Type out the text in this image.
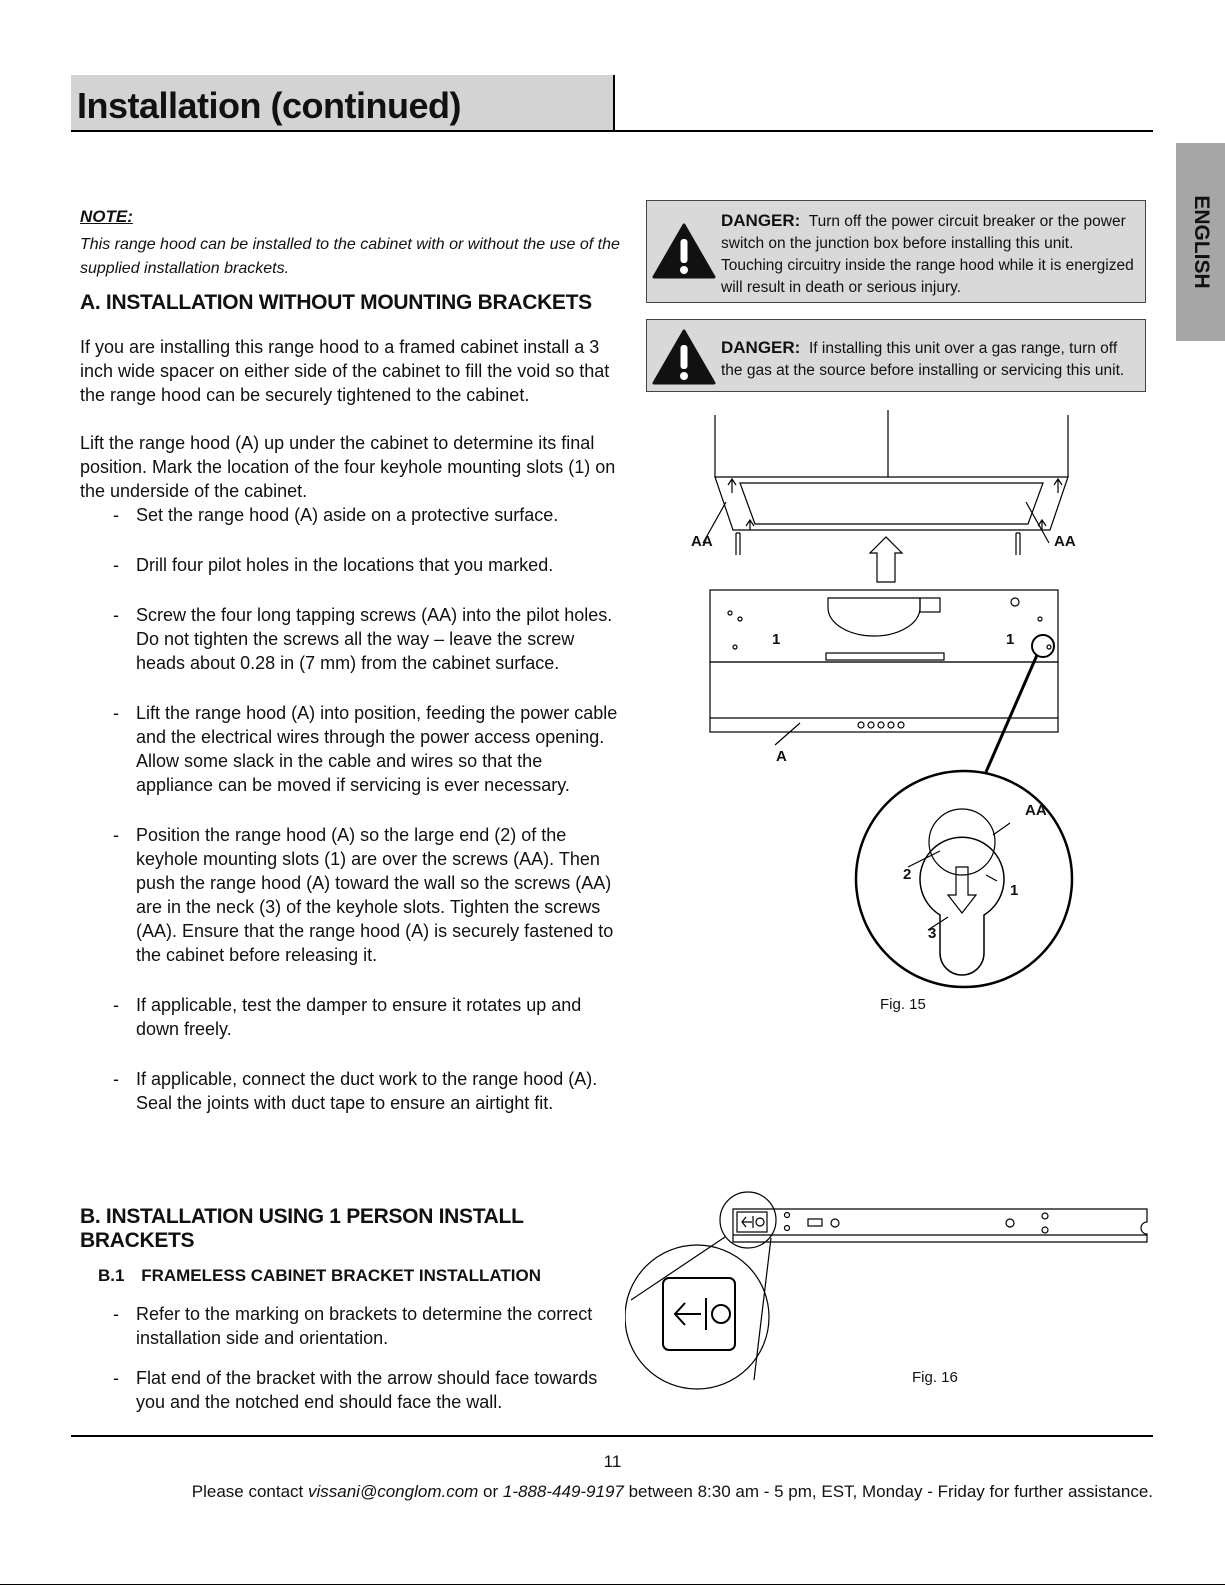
Installation (continued)
ENGLISH

NOTE:

This range hood can be installed to the cabinet with or without the use of the supplied installation brackets.

A. INSTALLATION WITHOUT MOUNTING BRACKETS

If you are installing this range hood to a framed cabinet install a 3 inch wide spacer on either side of the cabinet to fill the void so that the range hood can be securely tightened to the cabinet.

Lift the range hood (A) up under the cabinet to determine its final position. Mark the location of the four keyhole mounting slots (1) on the underside of the cabinet.

- Set the range hood (A) aside on a protective surface.
- Drill four pilot holes in the locations that you marked.
- Screw the four long tapping screws (AA) into the pilot holes. Do not tighten the screws all the way – leave the screw heads about 0.28 in (7 mm) from the cabinet surface.
- Lift the range hood (A) into position, feeding the power cable and the electrical wires through the power access opening. Allow some slack in the cable and wires so that the appliance can be moved if servicing is ever necessary.
- Position the range hood (A) so the large end (2) of the keyhole mounting slots (1) are over the screws (AA). Then push the range hood (A) toward the wall so the screws (AA) are in the neck (3) of the keyhole slots. Tighten the screws (AA). Ensure that the range hood (A) is securely fastened to the cabinet before releasing it.
- If applicable, test the damper to ensure it rotates up and down freely.
- If applicable, connect the duct work to the range hood (A). Seal the joints with duct tape to ensure an airtight fit.

B. INSTALLATION USING 1 PERSON INSTALL BRACKETS

B.1 FRAMELESS CABINET BRACKET INSTALLATION

- Refer to the marking on brackets to determine the correct installation side and orientation.
- Flat end of the bracket with the arrow should face towards you and the notched end should face the wall.
DANGER: Turn off the power circuit breaker or the power switch on the junction box before installing this unit. Touching circuitry inside the range hood while it is energized will result in death or serious injury.
DANGER: If installing this unit over a gas range, turn off the gas at the source before installing or servicing this unit.
AA	AA
1	1
A
AA
2
1
3
Fig. 15
Fig. 16
11
Please contact vissani@conglom.com or 1-888-449-9197 between 8:30 am - 5 pm, EST, Monday - Friday for further assistance.
